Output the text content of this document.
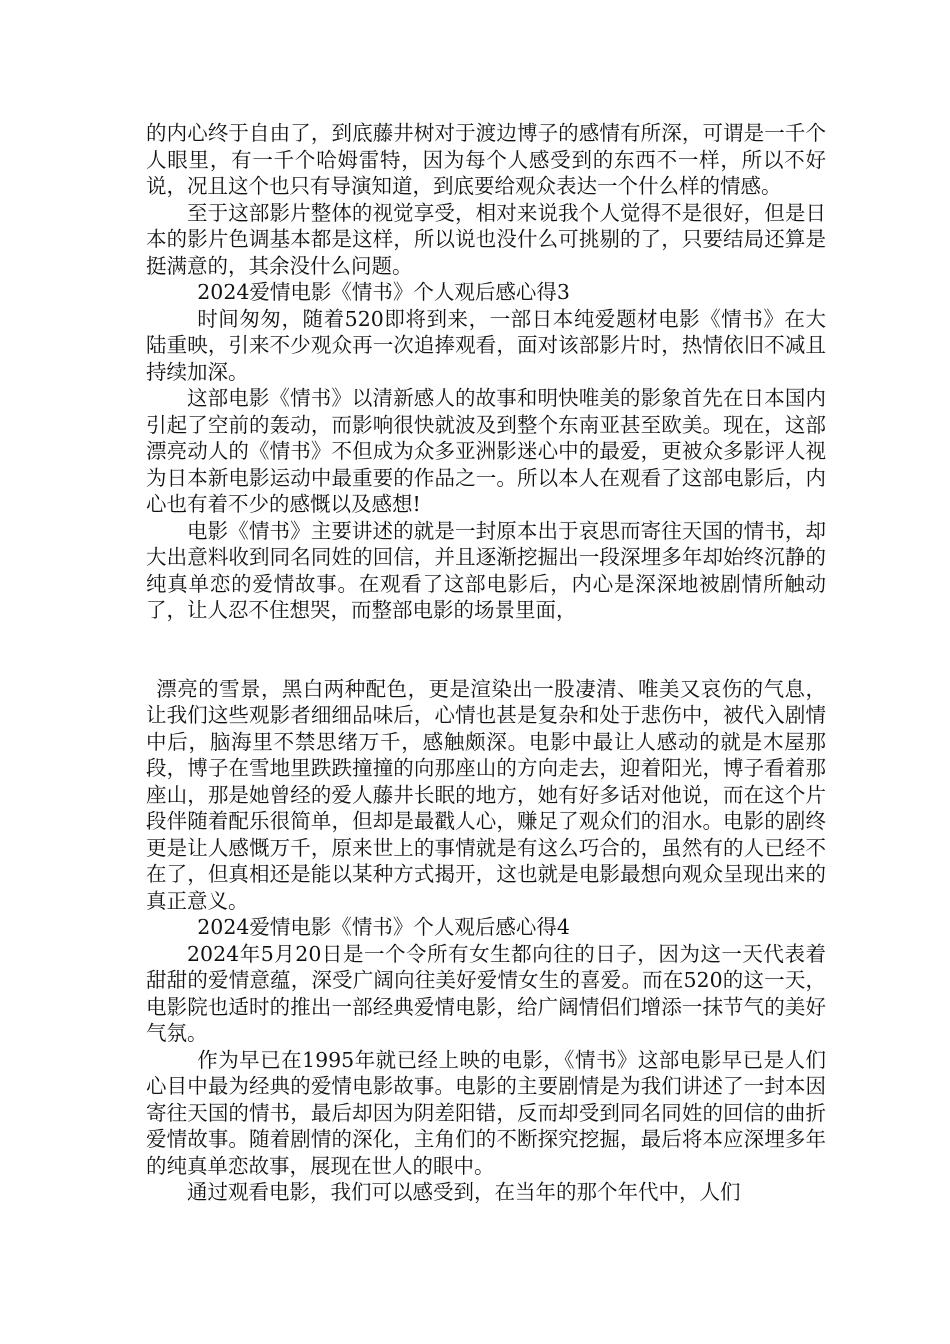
的内心终于自由了，到底藤井树对于渡边博子的感情有所深，可谓是一千个人眼里，有一千个哈姆雷特，因为每个人感受到的东西不一样，所以不好说，况且这个也只有导演知道，到底要给观众表达一个什么样的情感。

至于这部影片整体的视觉享受，相对来说我个人觉得不是很好，但是日本的影片色调基本都是这样，所以说也没什么可挑剔的了，只要结局还算是挺满意的，其余没什么问题。

2024爱情电影《情书》个人观后感心得3

时间匆匆，随着520即将到来，一部日本纯爱题材电影《情书》在大陆重映，引来不少观众再一次追捧观看，面对该部影片时，热情依旧不减且持续加深。

这部电影《情书》以清新感人的故事和明快唯美的影象首先在日本国内引起了空前的轰动，而影响很快就波及到整个东南亚甚至欧美。现在，这部漂亮动人的《情书》不但成为众多亚洲影迷心中的最爱，更被众多影评人视为日本新电影运动中最重要的作品之一。所以本人在观看了这部电影后，内心也有着不少的感慨以及感想!

电影《情书》主要讲述的就是一封原本出于哀思而寄往天国的情书，却大出意料收到同名同姓的回信，并且逐渐挖掘出一段深埋多年却始终沉静的纯真单恋的爱情故事。在观看了这部电影后，内心是深深地被剧情所触动了，让人忍不住想哭，而整部电影的场景里面，

漂亮的雪景，黑白两种配色，更是渲染出一股凄清、唯美又哀伤的气息，让我们这些观影者细细品味后，心情也甚是复杂和处于悲伤中，被代入剧情中后，脑海里不禁思绪万千，感触颇深。电影中最让人感动的就是木屋那段，博子在雪地里跌跌撞撞的向那座山的方向走去，迎着阳光，博子看着那座山，那是她曾经的爱人藤井长眠的地方，她有好多话对他说，而在这个片段伴随着配乐很简单，但却是最戳人心，赚足了观众们的泪水。电影的剧终更是让人感慨万千，原来世上的事情就是有这么巧合的，虽然有的人已经不在了，但真相还是能以某种方式揭开，这也就是电影最想向观众呈现出来的真正意义。

2024爱情电影《情书》个人观后感心得4

2024年5月20日是一个令所有女生都向往的日子，因为这一天代表着甜甜的爱情意蕴，深受广阔向往美好爱情女生的喜爱。而在520的这一天，电影院也适时的推出一部经典爱情电影，给广阔情侣们增添一抹节气的美好气氛。

作为早已在1995年就已经上映的电影，《情书》这部电影早已是人们心目中最为经典的爱情电影故事。电影的主要剧情是为我们讲述了一封本因寄往天国的情书，最后却因为阴差阳错，反而却受到同名同姓的回信的曲折爱情故事。随着剧情的深化，主角们的不断探究挖掘，最后将本应深埋多年的纯真单恋故事，展现在世人的眼中。

通过观看电影，我们可以感受到，在当年的那个年代中，人们
